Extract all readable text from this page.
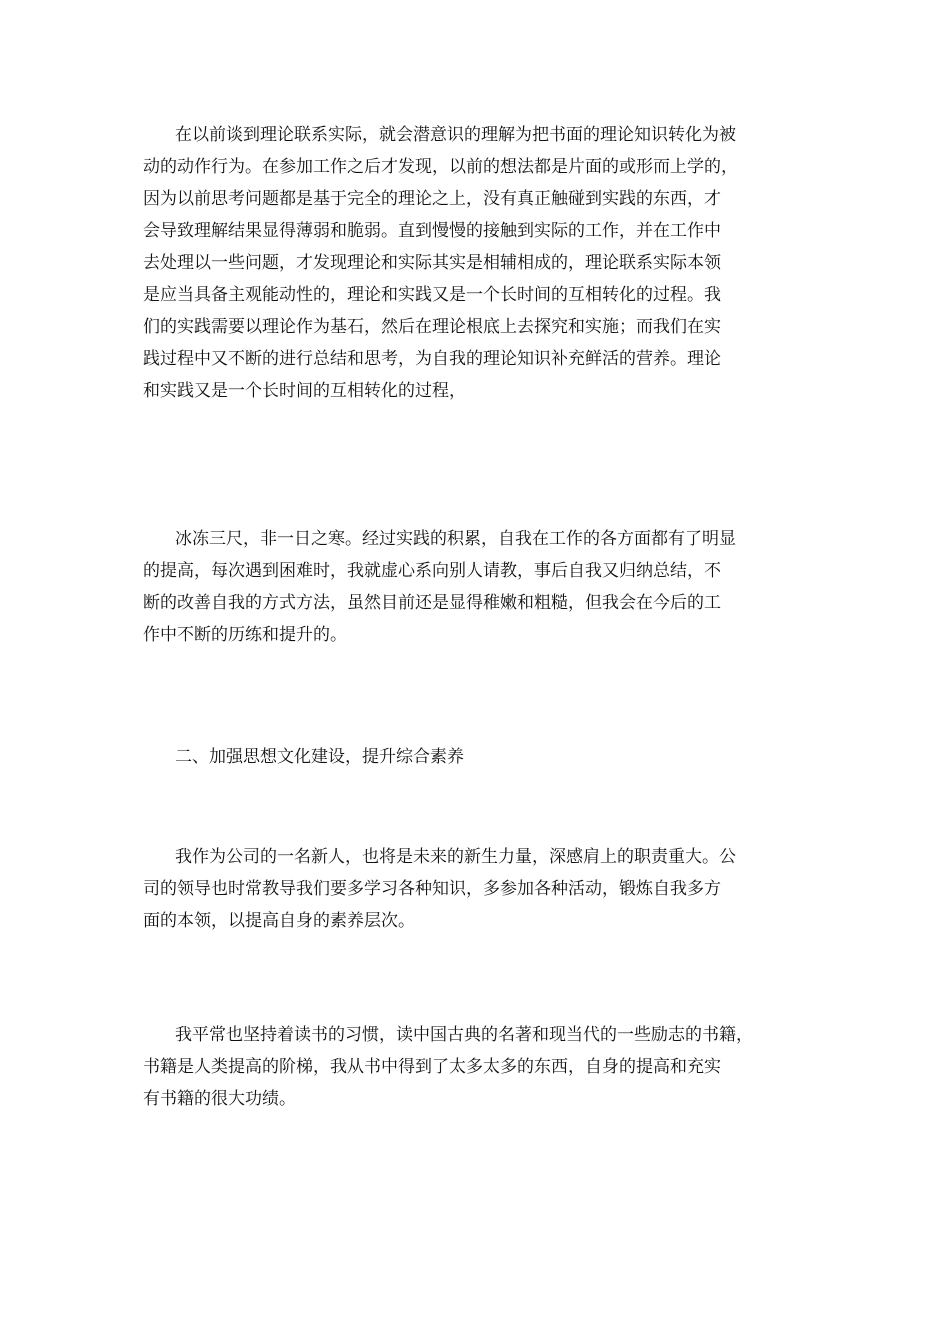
在以前谈到理论联系实际，就会潜意识的理解为把书面的理论知识转化为被
动的动作行为。在参加工作之后才发现，以前的想法都是片面的或形而上学的，
因为以前思考问题都是基于完全的理论之上，没有真正触碰到实践的东西，才
会导致理解结果显得薄弱和脆弱。直到慢慢的接触到实际的工作，并在工作中
去处理以一些问题，才发现理论和实际其实是相辅相成的，理论联系实际本领
是应当具备主观能动性的，理论和实践又是一个长时间的互相转化的过程。我
们的实践需要以理论作为基石，然后在理论根底上去探究和实施；而我们在实
践过程中又不断的进行总结和思考，为自我的理论知识补充鲜活的营养。理论
和实践又是一个长时间的互相转化的过程，
冰冻三尺，非一日之寒。经过实践的积累，自我在工作的各方面都有了明显
的提高，每次遇到困难时，我就虚心系向别人请教，事后自我又归纳总结，不
断的改善自我的方式方法，虽然目前还是显得稚嫩和粗糙，但我会在今后的工
作中不断的历练和提升的。
二、加强思想文化建设，提升综合素养
我作为公司的一名新人，也将是未来的新生力量，深感肩上的职责重大。公
司的领导也时常教导我们要多学习各种知识，多参加各种活动，锻炼自我多方
面的本领，以提高自身的素养层次。
我平常也坚持着读书的习惯，读中国古典的名著和现当代的一些励志的书籍，
书籍是人类提高的阶梯，我从书中得到了太多太多的东西，自身的提高和充实
有书籍的很大功绩。
